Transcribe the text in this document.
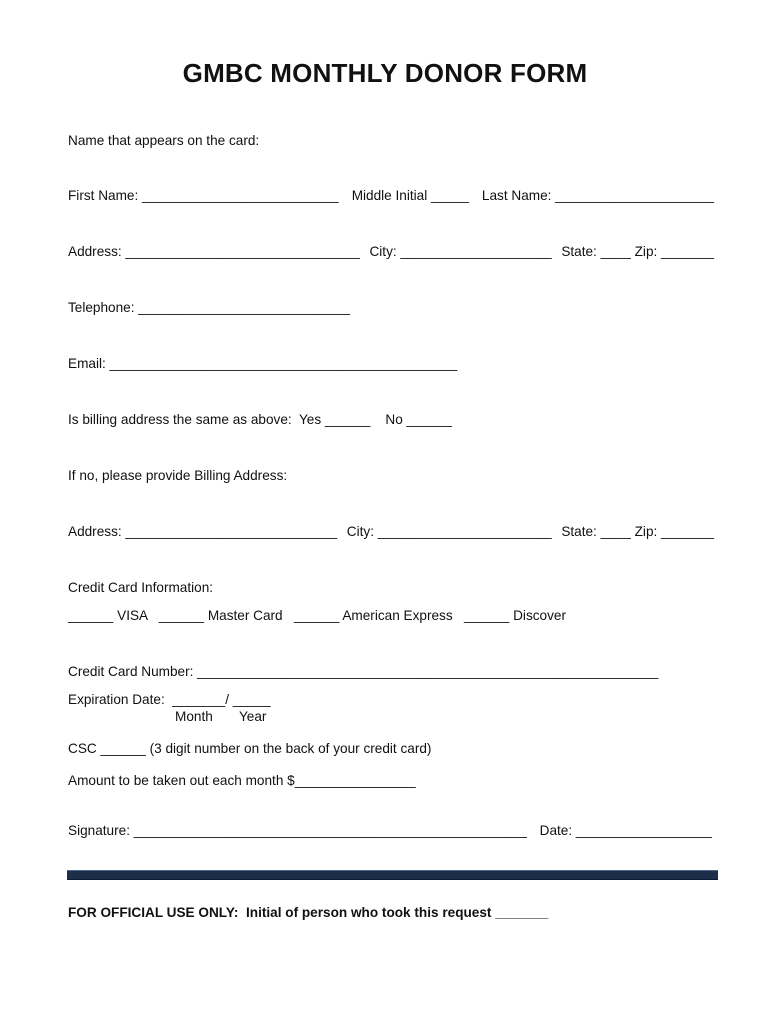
GMBC MONTHLY DONOR FORM
Name that appears on the card:
First Name: __________________________ Middle Initial _____ Last Name: _____________________
Address: _______________________________ City: ____________________ State: ____ Zip: _______
Telephone: ____________________________
Email: ______________________________________________
Is billing address the same as above:  Yes ______    No ______
If no, please provide Billing Address:
Address: ____________________________ City: _______________________ State: ____ Zip: _______
Credit Card Information:
______ VISA   ______ Master Card   ______ American Express   ______ Discover
Credit Card Number: _____________________________________________________________
Expiration Date:  _______/ _____
Month       Year
CSC ______ (3 digit number on the back of your credit card)
Amount to be taken out each month $________________
Signature: ____________________________________________________ Date: __________________
FOR OFFICIAL USE ONLY:  Initial of person who took this request _______
